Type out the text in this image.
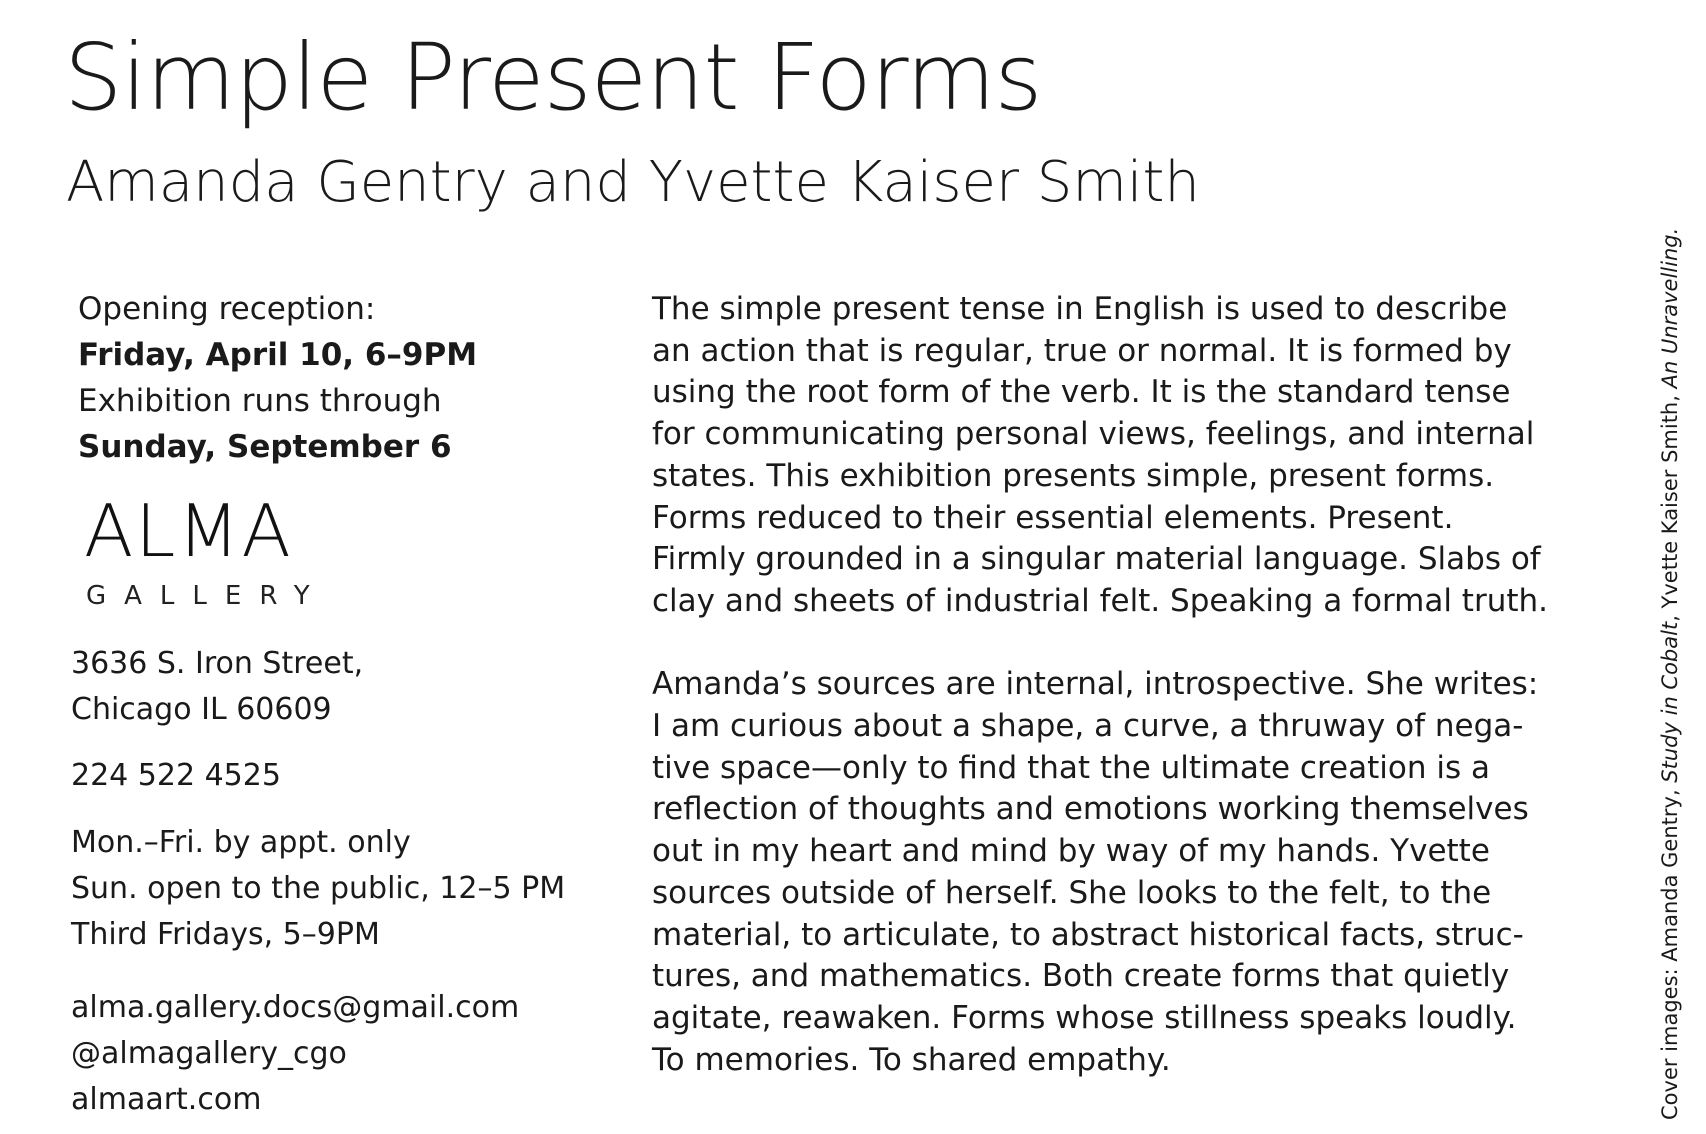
Simple Present Forms
Amanda Gentry and Yvette Kaiser Smith
Opening reception:
Friday, April 10, 6–9PM
Exhibition runs through
Sunday, September 6
ALMA
GALLERY
3636 S. Iron Street,
Chicago IL 60609
224 522 4525
Mon.–Fri. by appt. only
Sun. open to the public, 12–5 PM
Third Fridays, 5–9PM
alma.gallery.docs@gmail.com
@almagallery_cgo
almaart.com
The simple present tense in English is used to describe
an action that is regular, true or normal. It is formed by
using the root form of the verb. It is the standard tense
for communicating personal views, feelings, and internal
states. This exhibition presents simple, present forms.
Forms reduced to their essential elements. Present.
Firmly grounded in a singular material language. Slabs of
clay and sheets of industrial felt. Speaking a formal truth.
Amanda’s sources are internal, introspective. She writes:
I am curious about a shape, a curve, a thruway of nega-
tive space—only to find that the ultimate creation is a
reflection of thoughts and emotions working themselves
out in my heart and mind by way of my hands. Yvette
sources outside of herself. She looks to the felt, to the
material, to articulate, to abstract historical facts, struc-
tures, and mathematics. Both create forms that quietly
agitate, reawaken. Forms whose stillness speaks loudly.
To memories. To shared empathy.	Cover images: Amanda Gentry, Study in Cobalt, Yvette Kaiser Smith, An Unravelling.
